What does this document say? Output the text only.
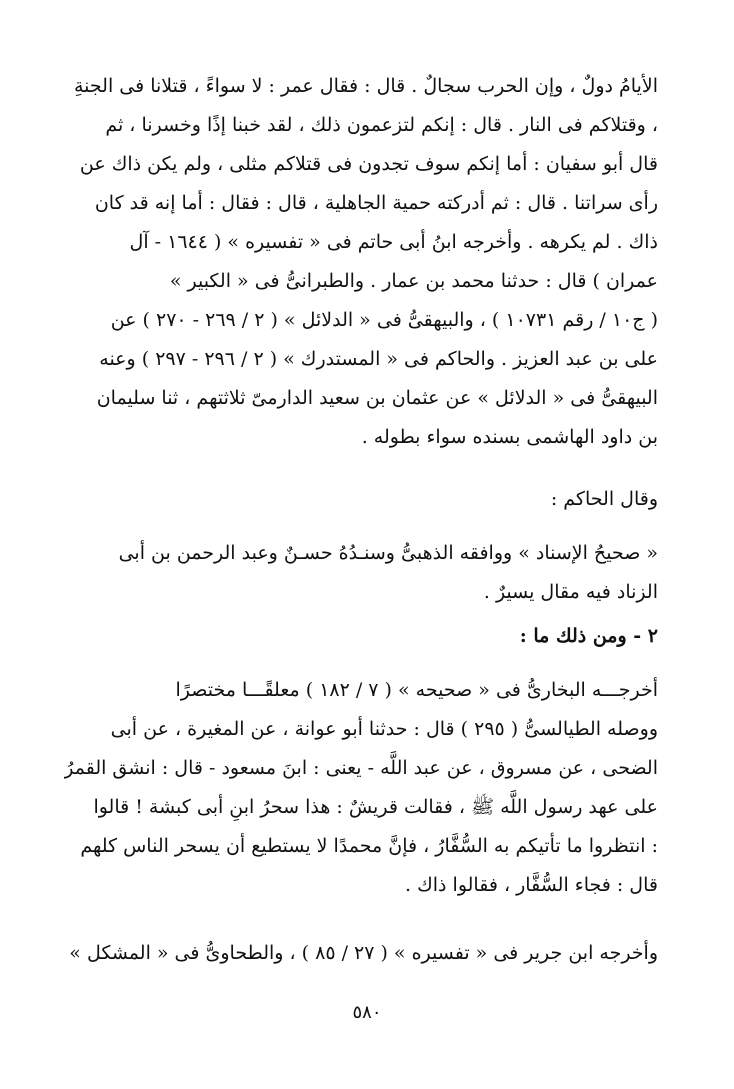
الأيامُ دولٌ ، وإن الحرب سجالٌ . قال : فقال عمر : لا سواءً ، قتلانا فى الجنةِ
، وقتلاكم فى النار . قال : إنكم لتزعمون ذلك ، لقد خبنا إذًا وخسرنا ، ثم
قال أبو سفيان : أما إنكم سوف تجدون فى قتلاكم مثلى ، ولم يكن ذاك عن
رأى سراتنا . قال : ثم أدركته حمية الجاهلية ، قال : فقال : أما إنه قد كان
ذاك . لم يكرهه . وأخرجه ابنُ أبى حاتم فى « تفسيره » ( ١٦٤٤ - آل
عمران ) قال : حدثنا محمد بن عمار . والطبرانىُّ فى « الكبير »
( ج١٠ / رقم ١٠٧٣١ ) ، والبيهقىُّ فى « الدلائل » ( ٢ / ٢٦٩ - ٢٧٠ ) عن
على بن عبد العزيز . والحاكم فى « المستدرك » ( ٢ / ٢٩٦ - ٢٩٧ ) وعنه
البيهقىُّ فى « الدلائل » عن عثمان بن سعيد الدارمىّ ثلاثتهم ، ثنا سليمان
بن داود الهاشمى بسنده سواء بطوله .
وقال الحاكم :
« صحيحُ الإسناد » ووافقه الذهبىُّ وسنـدُهُ حسـنٌ وعبد الرحمن بن أبى
الزناد فيه مقال يسيرٌ .
٢ - ومن ذلك ما :
أخرجـــه البخارىُّ فى « صحيحه » ( ٧ / ١٨٢ ) معلقًـــا مختصرًا
ووصله الطيالسىُّ ( ٢٩٥ ) قال : حدثنا أبو عوانة ، عن المغيرة ، عن أبى
الضحى ، عن مسروق ، عن عبد اللَّه - يعنى : ابنَ مسعود - قال : انشق القمرُ
على عهد رسول اللَّه ﷺ ، فقالت قريشٌ : هذا سحرُ ابنِ أبى كبشة ! قالوا
: انتظروا ما تأتيكم به السُّفَّارُ ، فإنَّ محمدًا لا يستطيع أن يسحر الناس كلهم
قال : فجاء السُّفَّار ، فقالوا ذاك .
وأخرجه ابن جرير فى « تفسيره » ( ٢٧ / ٨٥ ) ، والطحاوىُّ فى « المشكل »
٥٨٠
